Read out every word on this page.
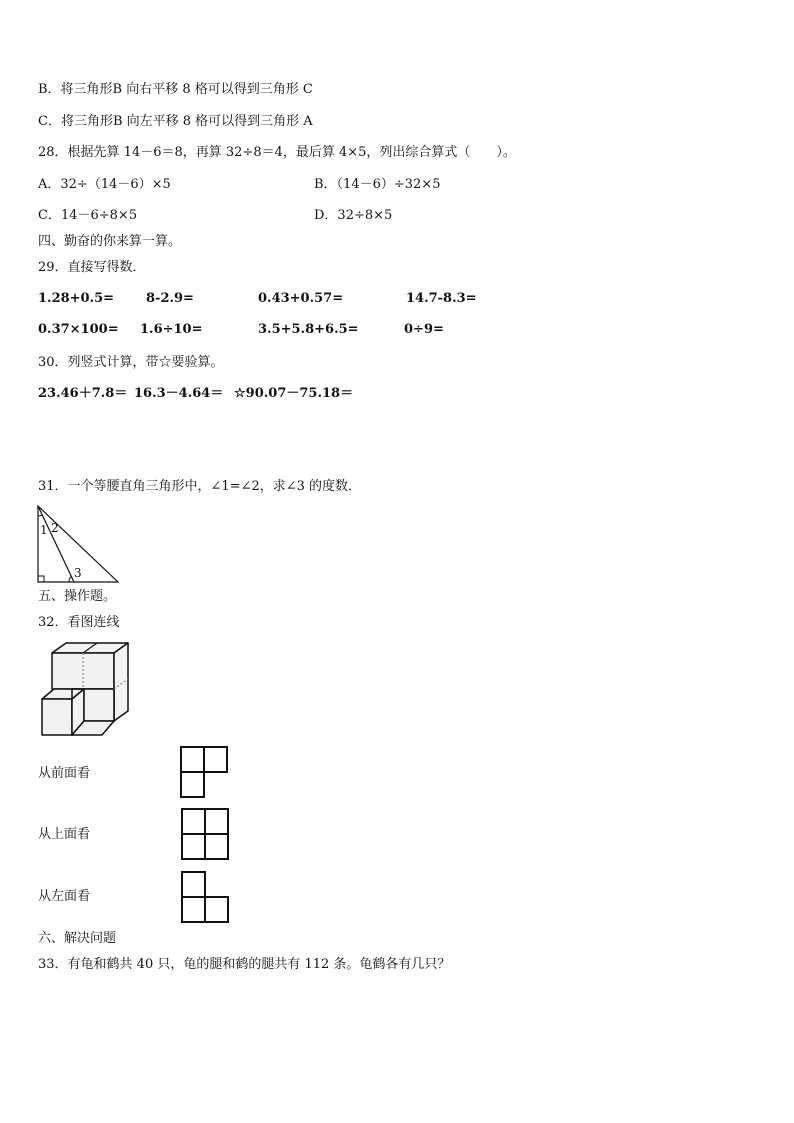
B．将三角形B 向右平移 8 格可以得到三角形 C
C．将三角形B 向左平移 8 格可以得到三角形 A
28．根据先算 14－6＝8，再算 32÷8＝4，最后算 4×5，列出综合算式（　　）。
A．32÷（14－6）×5	B．（14－6）÷32×5
C．14－6÷8×5	D．32÷8×5
四、勤奋的你来算一算。
29．直接写得数．
1.28+0.5= 8-2.9=	0.43+0.57=	14.7-8.3=
0.37×100= 1.6÷10=	3.5+5.8+6.5=	0÷9=
30．列竖式计算，带☆要验算。
23.46＋7.8＝ 16.3－4.64＝ ☆90.07－75.18＝
31．一个等腰直角三角形中，∠1=∠2，求∠3 的度数．
1 2
3
五、操作题。
32．看图连线
从前面看
从上面看
从左面看
六、解决问题
33．有龟和鹤共 40 只，龟的腿和鹤的腿共有 112 条。龟鹤各有几只？
